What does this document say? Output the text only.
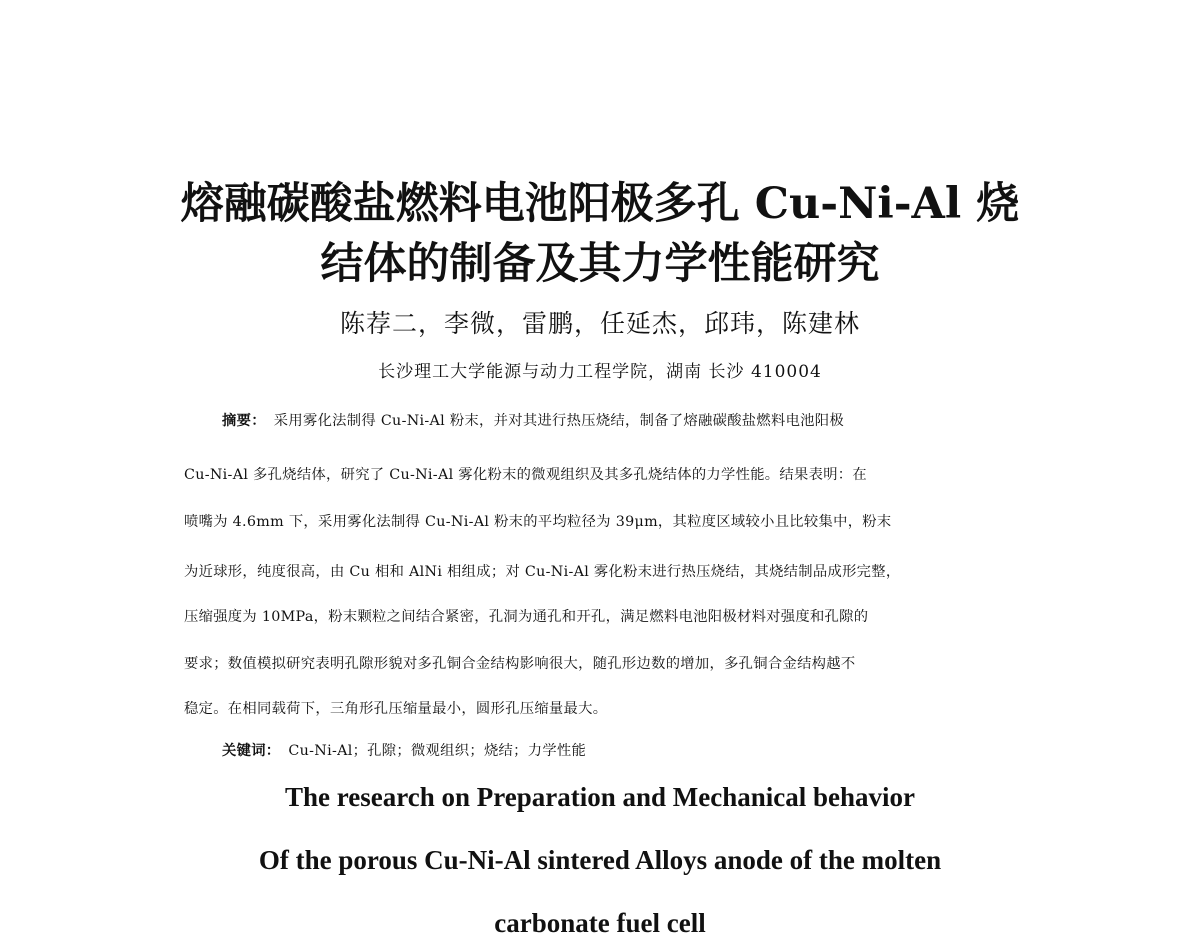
熔融碳酸盐燃料电池阳极多孔 Cu-Ni-Al 烧
结体的制备及其力学性能研究
陈荐二，李微，雷鹏，任延杰，邱玮，陈建林
长沙理工大学能源与动力工程学院，湖南 长沙 410004
摘要： 采用雾化法制得 Cu-Ni-Al 粉末，并对其进行热压烧结，制备了熔融碳酸盐燃料电池阳极
Cu-Ni-Al 多孔烧结体，研究了 Cu-Ni-Al 雾化粉末的微观组织及其多孔烧结体的力学性能。结果表明：在
喷嘴为 4.6mm 下，采用雾化法制得 Cu-Ni-Al 粉末的平均粒径为 39μm，其粒度区域较小且比较集中，粉末
为近球形，纯度很高，由 Cu 相和 AlNi 相组成；对 Cu-Ni-Al 雾化粉末进行热压烧结，其烧结制品成形完整，
压缩强度为 10MPa，粉末颗粒之间结合紧密，孔洞为通孔和开孔，满足燃料电池阳极材料对强度和孔隙的
要求；数值模拟研究表明孔隙形貌对多孔铜合金结构影响很大，随孔形边数的增加，多孔铜合金结构越不
稳定。在相同载荷下，三角形孔压缩量最小，圆形孔压缩量最大。
关键词： Cu-Ni-Al；孔隙；微观组织；烧结；力学性能
The research on Preparation and Mechanical behavior
Of the porous Cu-Ni-Al sintered Alloys anode of the molten
carbonate fuel cell
